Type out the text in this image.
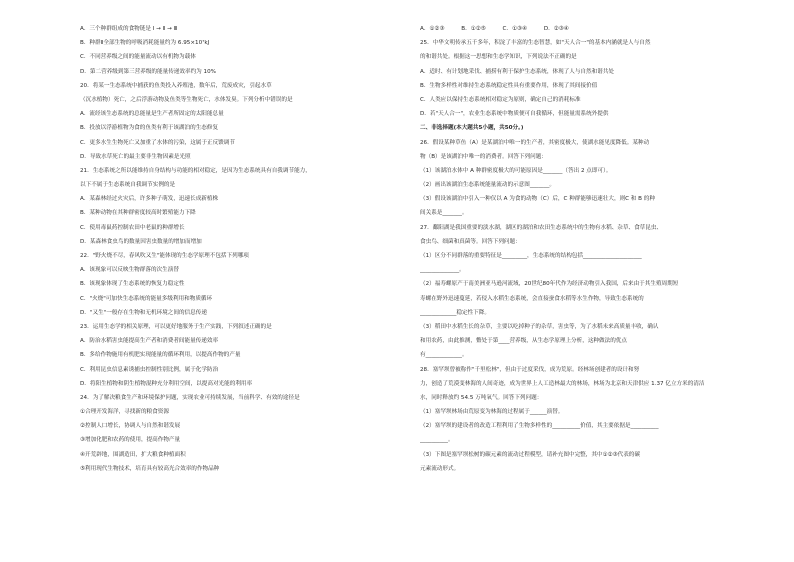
A．三个种群组成的食物链是 Ⅰ → Ⅱ → Ⅲ
B．种群Ⅱ全部生物的呼吸消耗能量约为 6.95×10⁷kJ
C．不同营养级之间的能量流动以有机物为载体
D．第二营养级到第三营养级的能量传递效率约为 10%
20．将某一生态系统中捕获的鱼类投入养殖池，数年后，荒废成灾，引起水草
（沉水植物）死亡，之后浮游动物及鱼类等生物死亡，水体发臭。下列分析中错误的是
A．流经该生态系统的总能量是生产者所固定的太阳能总量
B．投放以浮游植物为食的鱼类有利于该湖泊的生态修复
C．更多水生生物死亡又加重了水体的污染，这属于正反馈调节
D．导致水草死亡的最主要非生物因素是光照
21．生态系统之所以能维持自身结构与功能的相对稳定，是因为生态系统具有自我调节能力，
以下不属于生态系统自我调节实例的是
A．某森林经过火灾后，许多种子萌发，迅速长成新植株
B．某种动物在其种群密度较高时繁殖能力下降
C．使用毒鼠药控制农田中老鼠的种群增长
D．某森林食虫鸟的数量因害虫数量的增加而增加
22．"野火烧不尽，春风吹又生"能体现的生态学原理不包括下列哪项
A．该现象可以反映生物群落的次生演替
B．该现象体现了生态系统的恢复力稳定性
C．"火烧"可加快生态系统的能量多级利用和物质循环
D．"又生"一般存在生物和无机环境之间的信息传递
23．运用生态学的相关原理，可以更好地服务于生产实践，下列叙述正确的是
A．防治水稻害虫能提高生产者和消费者间能量传递效率
B．多给作物施用有机肥实现能量的循环利用，以提高作物的产量
C．利用昆虫信息素诱捕虫控制性别比例，属于化学防治
D．将阳生植物和阴生植物混种充分利用空间，以提高对光能的利用率
24．为了解决粮食生产和环境保护问题，实现农业可持续发展，当前科学、有效的途径是
①合理开发海洋，寻找新的粮食资源
②控制人口增长，协调人与自然和谐发展
③增加化肥和农药的使用，提高作物产量
④开荒辟地，围湖造田，扩大粮食种植面积
⑤利用现代生物技术，培育具有较高光合效率的作物品种
A．①②③　　　B．①②⑤　　　C．①③④　　　D．②③④
25．中华文明传承五千多年，积淀了丰富的生态智慧，如"天人合一"的基本内涵就是人与自然
的和谐共处。根据这一思想和生态学知识，下列说法不正确的是
A．适时、有计划地采伐、捕捞有利于保护生态系统，体现了人与自然和谐共处
B．生物多样性对维持生态系统稳定性具有重要作用，体现了其间接价值
C．人类应以保持生态系统相对稳定为原则，确定自己的消耗标准
D．若"天人合一"，农业生态系统中物质便可自我循环，但能量需系统外提供
二、非选择题(本大题共5小题，共50分。)
26．假设某种草鱼（A）是某湖泊中唯一的生产者，其密度极大，使湖水能见度降低。某种动
物（B）是该湖泊中唯一的消费者。回答下列问题：
（1）该湖泊水体中 A 种群密度极大的可能原因是_______（答出 2 点即可）。
（2）画出该湖泊生态系统能量流动的示意图_______。
（3）假设该湖泊中引入一种仅以 A 为食的动物（C）后，C 种群能够迅速壮大，则C 和 B 的种
间关系是_______。
27．鄱阳湖是我国重要的淡水湖，湖区的湖泊和农田生态系统中的生物有水稻、杂草、食草昆虫、
食虫鸟、细菌和真菌等。回答下列问题：
（1）区分不同群落的重要特征是_________，生态系统的结构包括_____________________
______________。
（2）福寿螺原产于南美洲亚马逊河流域，20世纪80年代作为经济动物引入我国，后来由于其生殖周期短
寿螺在野外迅速蔓延，若侵入水稻生态系统，会直接蚕食水稻等水生作物，导致生态系统的
_____________稳定性下降。
（3）稻田中水稻生长的杂草，主要以吃掉种子的杂草，害虫等，为了水稻未来高质量丰收，确认
和用农药，由此推测，鳖处于第____营养级，从生态学原理上分析，这种做法的优点
有_____________。
28．塞罕坝曾被称作"千里松林"，但由于过度采伐，成为荒原。经林场创建者的设计和努
力，创造了荒漠变林海的人间奇迹，成为世界上人工造林最大的林场，林场为北京和天津供应 1.37 亿立方米的清洁
水，同时释放约 54.5 万吨氧气。回答下列问题：
（1）塞罕坝林场由荒原变为林海的过程属于______演替。
（2）塞罕坝的建设者的改造工程利用了生物多样性的__________价值，其主要依据是__________
__________。
（3）下图是塞罕坝松树的碳元素的流动过程模型，请补充图中完整，其中①②③代表的碳
元素流动形式。
